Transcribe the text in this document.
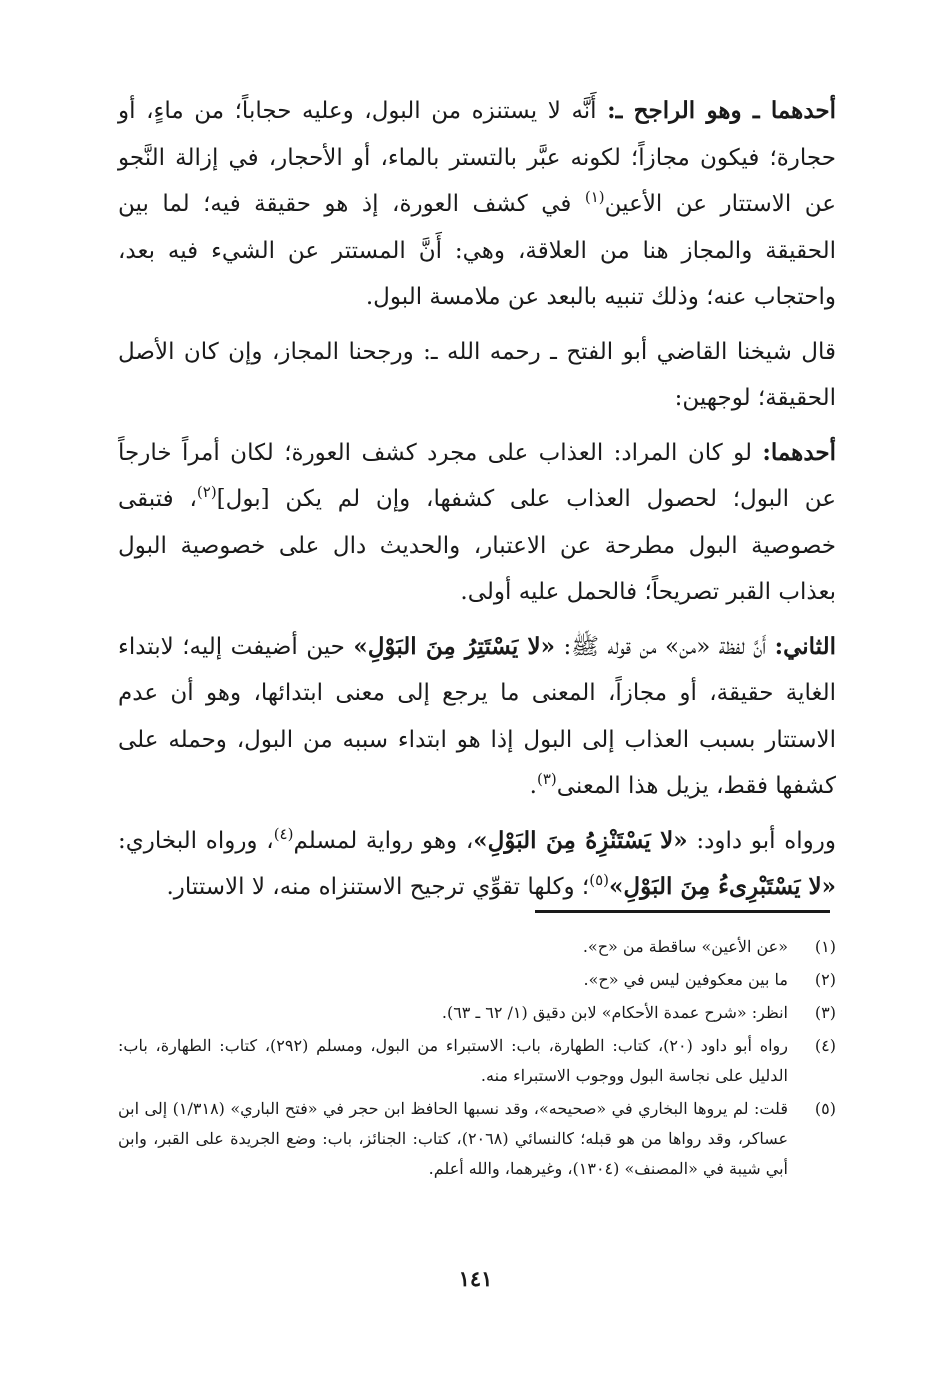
أحدهما ـ وهو الراجح ـ: أَنَّه لا يستنزه من البول، وعليه حجاباً؛ من ماءٍ، أو حجارة؛ فيكون مجازاً؛ لكونه عبَّر بالتستر بالماء، أو الأحجار، في إزالة النَّجو عن الاستتار عن الأعين$^{(١)}$ في كشف العورة، إذ هو حقيقة فيه؛ لما بين الحقيقة والمجاز هنا من العلاقة، وهي: أَنَّ المستتر عن الشيء فيه بعد، واحتجاب عنه؛ وذلك تنبيه بالبعد عن ملامسة البول.

قال شيخنا القاضي أبو الفتح ـ رحمه الله ـ: ورجحنا المجاز، وإن كان الأصل الحقيقة؛ لوجهين:

أحدهما: لو كان المراد: العذاب على مجرد كشف العورة؛ لكان أمراً خارجاً عن البول؛ لحصول العذاب على كشفها، وإن لم يكن [بول]$^{(٢)}$، فتبقى خصوصية البول مطرحة عن الاعتبار، والحديث دال على خصوصية البول بعذاب القبر تصريحاً؛ فالحمل عليه أولى.

الثاني: أَنَّ لفظة «من» من قوله ﷺ: «لا يَسْتَتِرُ مِنَ البَوْلِ» حين أضيفت إليه؛ لابتداء الغاية حقيقة، أو مجازاً، المعنى ما يرجع إلى معنى ابتدائها، وهو أن عدم الاستتار بسبب العذاب إلى البول إذا هو ابتداء سببه من البول، وحمله على كشفها فقط، يزيل هذا المعنى$^{(٣)}$.

ورواه أبو داود: «لا يَسْتَنْزِهُ مِنَ البَوْلِ»، وهو رواية لمسلم$^{(٤)}$، ورواه البخاري: «لا يَسْتَبْرِىءُ مِنَ البَوْلِ»$^{(٥)}$؛ وكلها تقوِّي ترجيح الاستنزاه منه، لا الاستتار.

(١)
«عن الأعين» ساقطة من «ح».
(٢)
ما بين معكوفين ليس في «ح».
(٣)
انظر: «شرح عمدة الأحكام» لابن دقيق (١/ ٦٢ ـ ٦٣).
(٤)
رواه أبو داود (٢٠)، كتاب: الطهارة، باب: الاستبراء من البول، ومسلم (٢٩٢)، كتاب: الطهارة، باب: الدليل على نجاسة البول ووجوب الاستبراء منه.
(٥)
قلت: لم يروها البخاري في «صحيحه»، وقد نسبها الحافظ ابن حجر في «فتح الباري» (١/٣١٨) إلى ابن عساكر، وقد رواها من هو قبله؛ كالنسائي (٢٠٦٨)، كتاب: الجنائز، باب: وضع الجريدة على القبر، وابن أبي شيبة في «المصنف» (١٣٠٤)، وغيرهما، والله أعلم.
١٤١
